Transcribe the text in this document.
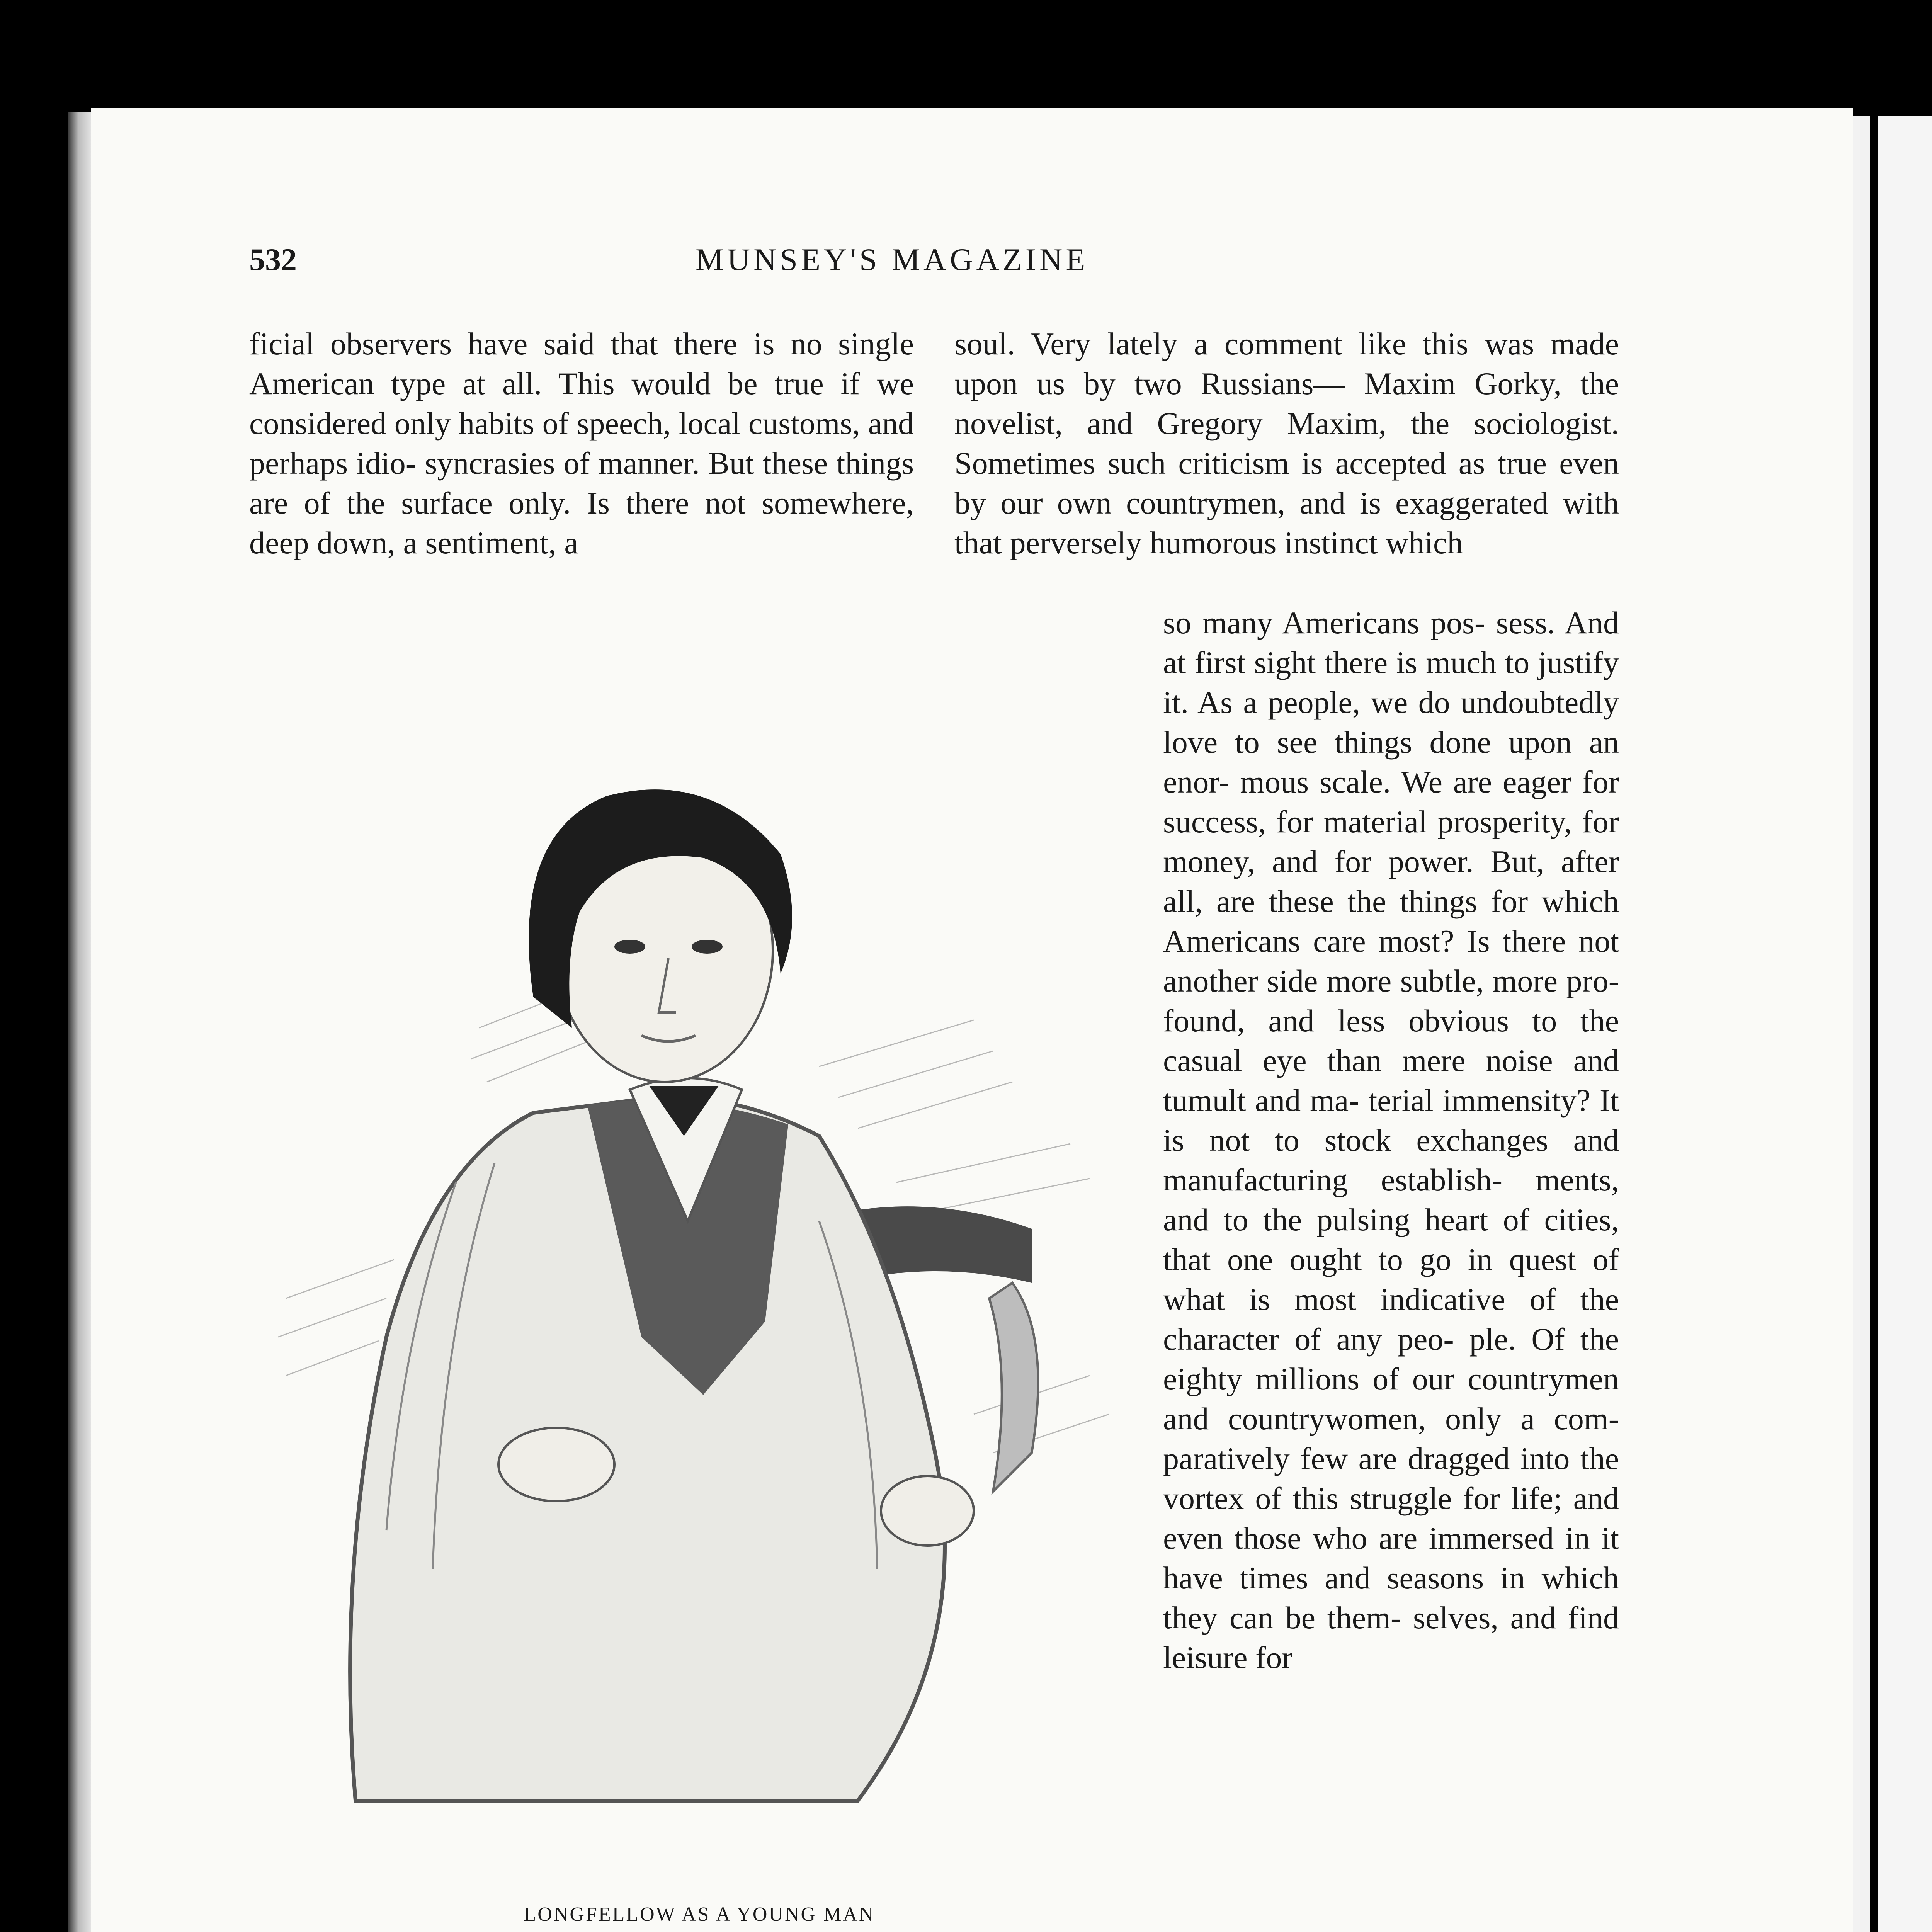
532	MUNSEY'S MAGAZINE

ficial observers have said that there is no single American type at all. This would be true if we considered only habits of speech, local customs, and perhaps idio- syncrasies of manner. But these things are of the surface only. Is there not somewhere, deep down, a sentiment, a

soul. Very lately a comment like this was made upon us by two Russians— Maxim Gorky, the novelist, and Gregory Maxim, the sociologist. Sometimes such criticism is accepted as true even by our own countrymen, and is exaggerated with that perversely humorous instinct which

so many Americans pos- sess. And at first sight there is much to justify it. As a people, we do undoubtedly love to see things done upon an enor- mous scale. We are eager for success, for material prosperity, for money, and for power. But, after all, are these the things for which Americans care most? Is there not another side more subtle, more pro- found, and less obvious to the casual eye than mere noise and tumult and ma- terial immensity? It is not to stock exchanges and manufacturing establish- ments, and to the pulsing heart of cities, that one ought to go in quest of what is most indicative of the character of any peo- ple. Of the eighty millions of our countrymen and countrywomen, only a com- paratively few are dragged into the vortex of this struggle for life; and even those who are immersed in it have times and seasons in which they can be them- selves, and find leisure for

LONGFELLOW AS A YOUNG MAN
